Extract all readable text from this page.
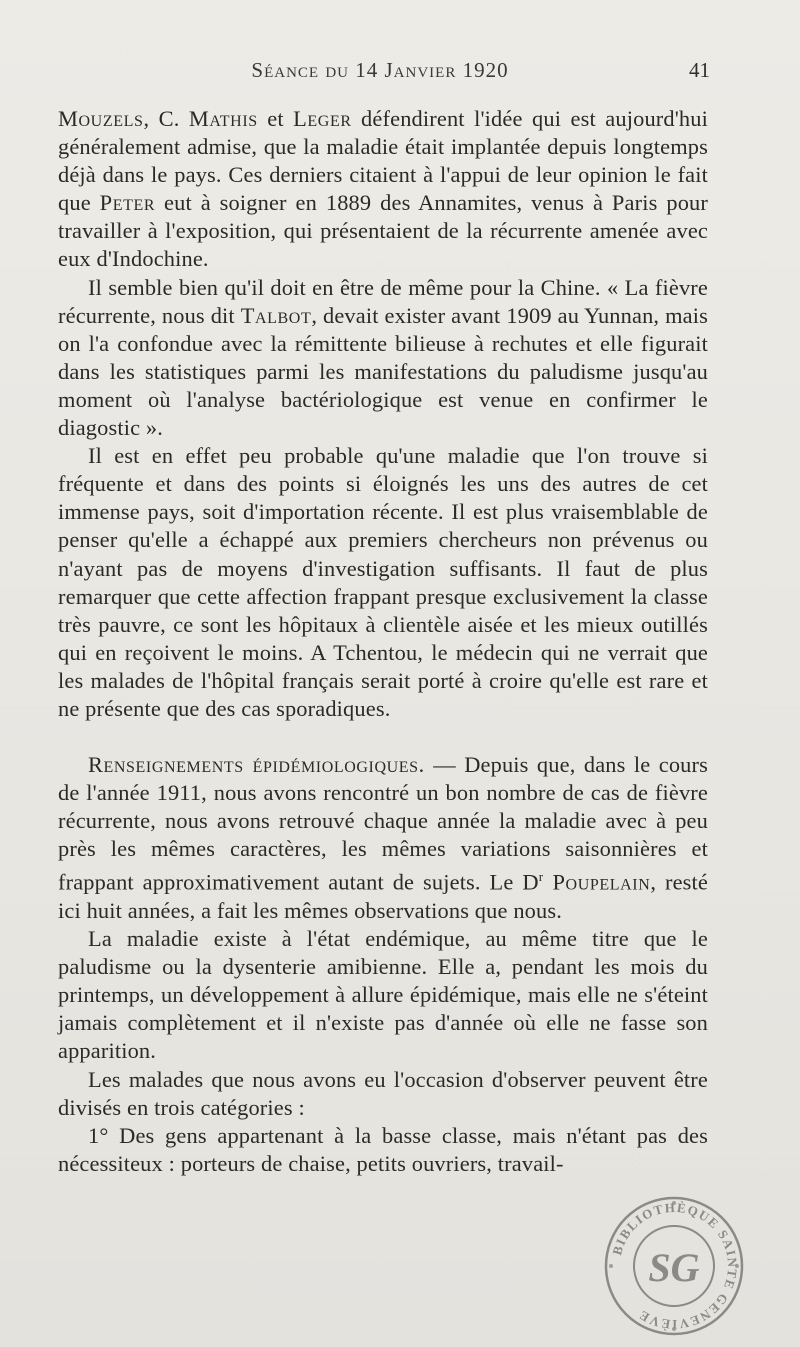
Séance du 14 Janvier 1920	41

Mouzels, C. Mathis et Leger défendirent l'idée qui est aujourd'hui généralement admise, que la maladie était implantée depuis longtemps déjà dans le pays. Ces derniers citaient à l'appui de leur opinion le fait que Peter eut à soigner en 1889 des Annamites, venus à Paris pour travailler à l'exposition, qui présentaient de la récurrente amenée avec eux d'Indochine.

Il semble bien qu'il doit en être de même pour la Chine. « La fièvre récurrente, nous dit Talbot, devait exister avant 1909 au Yunnan, mais on l'a confondue avec la rémittente bilieuse à rechutes et elle figurait dans les statistiques parmi les manifestations du paludisme jusqu'au moment où l'analyse bactériologique est venue en confirmer le diagostic ».

Il est en effet peu probable qu'une maladie que l'on trouve si fréquente et dans des points si éloignés les uns des autres de cet immense pays, soit d'importation récente. Il est plus vraisemblable de penser qu'elle a échappé aux premiers chercheurs non prévenus ou n'ayant pas de moyens d'investigation suffisants. Il faut de plus remarquer que cette affection frappant presque exclusivement la classe très pauvre, ce sont les hôpitaux à clientèle aisée et les mieux outillés qui en reçoivent le moins. A Tchentou, le médecin qui ne verrait que les malades de l'hôpital français serait porté à croire qu'elle est rare et ne présente que des cas sporadiques.

Renseignements épidémiologiques. — Depuis que, dans le cours de l'année 1911, nous avons rencontré un bon nombre de cas de fièvre récurrente, nous avons retrouvé chaque année la maladie avec à peu près les mêmes caractères, les mêmes variations saisonnières et frappant approximativement autant de sujets. Le $D^r$ Poupelain, resté ici huit années, a fait les mêmes observations que nous.

La maladie existe à l'état endémique, au même titre que le paludisme ou la dysenterie amibienne. Elle a, pendant les mois du printemps, un développement à allure épidémique, mais elle ne s'éteint jamais complètement et il n'existe pas d'année où elle ne fasse son apparition.

Les malades que nous avons eu l'occasion d'observer peuvent être divisés en trois catégories :

1° Des gens appartenant à la basse classe, mais n'étant pas des nécessiteux : porteurs de chaise, petits ouvriers, travail-

BIBLIOTHÈQUE SAINTE GENEVIÈVE
SG
